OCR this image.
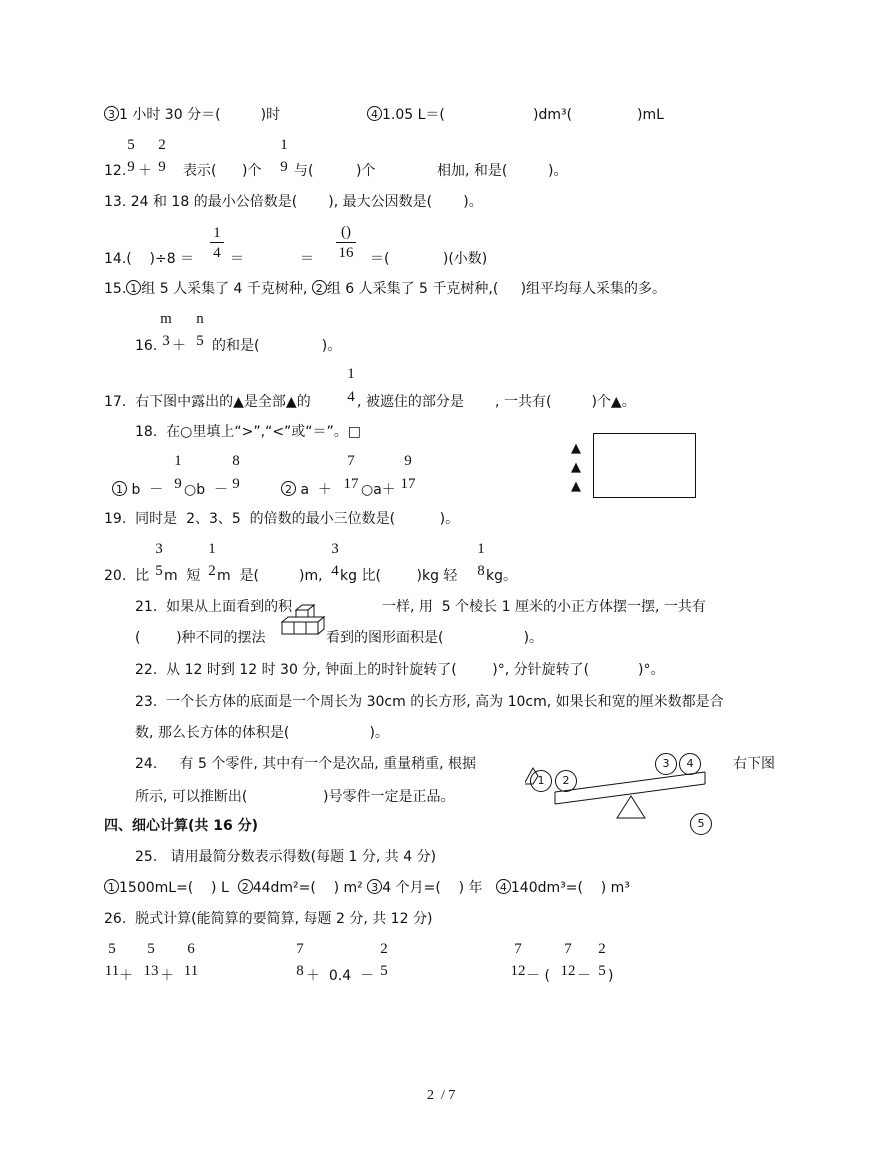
3 1 小时 30 分＝(	)时	4 1.05 L＝(	)dm³(	)mL
5
9
12. ＋
2
9 表示( )个
1
9 与(	)个	相加, 和是(	)。
13. 24 和 18 的最小公倍数是(       ), 最大公因数是(       )。
14.(    )÷8 ＝
1
4 ＝	＝
()
16 ＝(            )(小数)
15. 1 组 5 人采集了 4 千克树种, 2 组 6 人采集了 5 千克树种,(     )组平均每人采集的多。
m
3
16. ＋
n
5 的和是(              )。
17.  右下图中露出的▲是全部▲的
1
4 , 被遮住的部分是       , 一共有(         )个▲。
18.  在○里填上“>”,“<”或“＝”。□
1 b  －
1
9 ○b  －
8
9	2 a  ＋
7
17 ○a＋
9
17
▲
▲
▲
19.  同时是  2、3、5  的倍数的最小三位数是(          )。
20.  比
3
5 m  短
1
2 m  是(         )m,
3
4 kg 比(        )kg 轻
1
8 kg。
21.  如果从上面看到的积	一样, 用  5 个棱长 1 厘米的小正方体摆一摆, 一共有
(        )种不同的摆法	看到的图形面积是(                  )。
22.  从 12 时到 12 时 30 分, 钟面上的时针旋转了(        )°, 分针旋转了(           )°。
23.  一个长方体的底面是一个周长为 30cm 的长方形, 高为 10cm, 如果长和宽的厘米数都是合
数, 那么长方体的体积是(                  )。
24.     有 5 个零件, 其中有一个是次品, 重量稍重, 根据	右下图
所示, 可以推断出(                 )号零件一定是正品。
1	2
3	4
5
四、细心计算(共 16 分)
25.   请用最简分数表示得数(每题 1 分, 共 4 分)
1 1500mL=(    ) L 2 44dm²=(    ) m² 3 4 个月=(    ) 年 4 140dm³=(    ) m³
26.  脱式计算(能简算的要简算, 每题 2 分, 共 12 分)
5
11 ＋
5
13 ＋
6
11
7
8 ＋  0.4  －
2
5
7
12 － (
7
12 －
2
5 )
2  / 7
